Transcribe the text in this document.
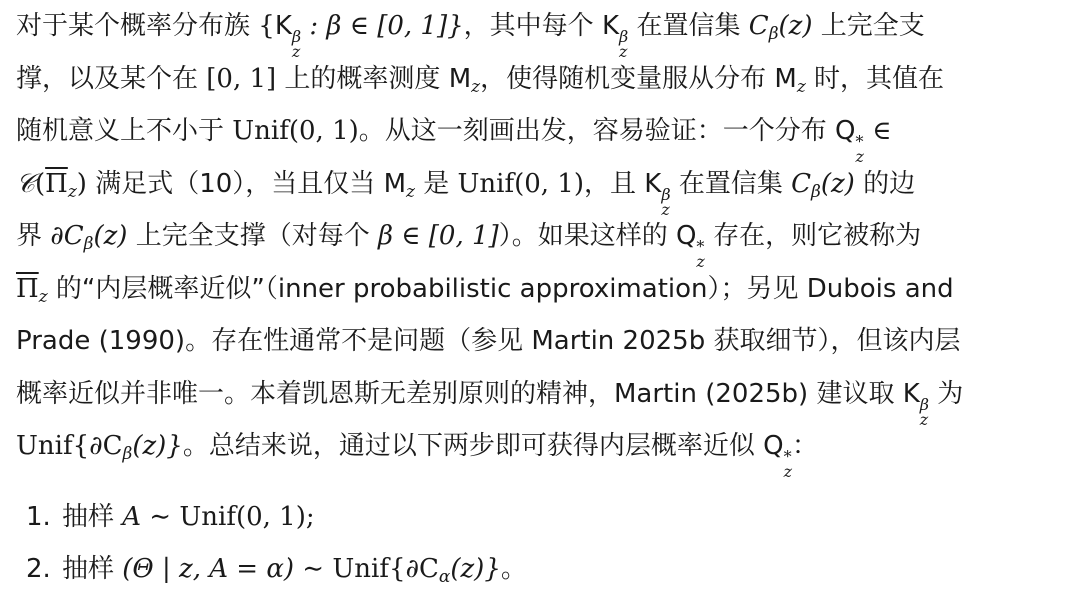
对于某个概率分布族 {K β
z
: β ∈ [0, 1]}，其中每个 K β
z
在置信集 $C_\beta(z)$ 上完全支
撑，以及某个在 [0, 1] 上的概率测度 $M_z$，使得随机变量服从分布 $M_z$ 时，其值在
随机意义上不小于 Unif(0, 1)。从这一刻画出发，容易验证：一个分布 Q *
z
∈
$𝒞(\overline{\Pi}_z)$ 满足式（10），当且仅当 $M_z$ 是 Unif(0, 1)，且 K β
z
在置信集 $C_\beta(z)$ 的边
界 $\partial C_\beta(z)$ 上完全支撑（对每个 β ∈ [0, 1]）。如果这样的 Q *
z
存在，则它被称为
$\overline{\Pi}_z$ 的“内层概率近似”（inner probabilistic approximation）；另见 Dubois and
Prade (1990)。存在性通常不是问题（参见 Martin 2025b 获取细节），但该内层
概率近似并非唯一。本着凯恩斯无差别原则的精神，Martin (2025b) 建议取 K β
z
为
$Unif\{\partial C_\beta(z)\}$。总结来说，通过以下两步即可获得内层概率近似 Q *
z
：
1. 抽样 A ∼ Unif(0, 1);
2. 抽样 (Θ | z, A = α) ∼ $Unif\{\partial C_\alpha(z)\}$。
